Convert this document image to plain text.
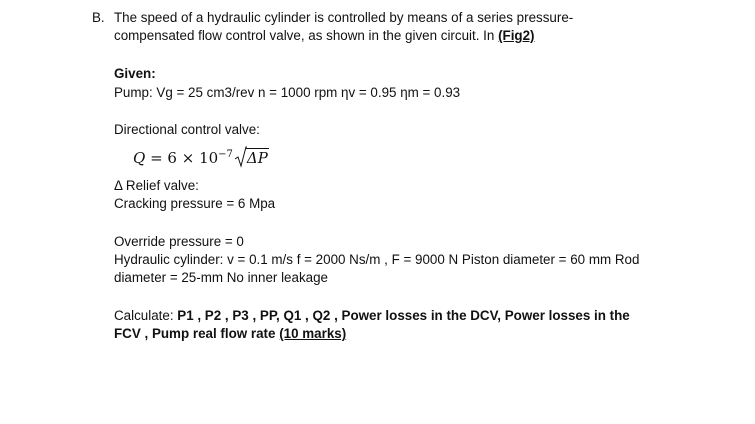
B. The speed of a hydraulic cylinder is controlled by means of a series pressure-
compensated flow control valve, as shown in the given circuit. In (Fig2)
Given:
Pump: Vg = 25 cm3/rev n = 1000 rpm ηv = 0.95 ηm = 0.93
Directional control valve:
$Q = 6 \times 10^{-7}$ ΔP
Δ Relief valve:
Cracking pressure = 6 Mpa
Override pressure = 0
Hydraulic cylinder: v = 0.1 m/s f = 2000 Ns/m , F = 9000 N Piston diameter = 60 mm Rod
diameter = 25-mm No inner leakage
Calculate: P1 , P2 , P3 , PP, Q1 , Q2 , Power losses in the DCV, Power losses in the
FCV , Pump real flow rate (10 marks)
